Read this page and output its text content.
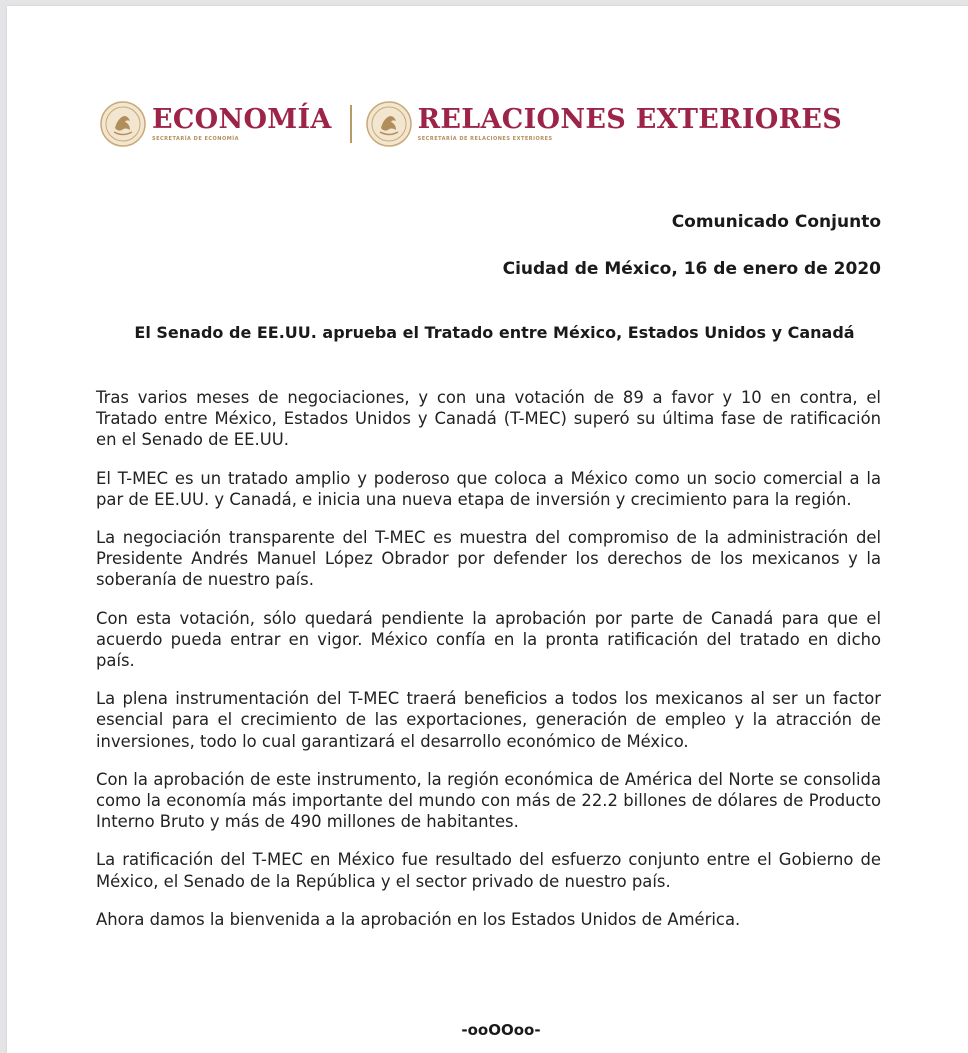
ECONOMÍA
SECRETARÍA DE ECONOMÍA
RELACIONES EXTERIORES
SECRETARÍA DE RELACIONES EXTERIORES
Comunicado Conjunto
Ciudad de México, 16 de enero de 2020
El Senado de EE.UU. aprueba el Tratado entre México, Estados Unidos y Canadá

Tras varios meses de negociaciones, y con una votación de 89 a favor y 10 en contra, el Tratado entre México, Estados Unidos y Canadá (T-MEC) superó su última fase de ratificación en el Senado de EE.UU.

El T-MEC es un tratado amplio y poderoso que coloca a México como un socio comercial a la par de EE.UU. y Canadá, e inicia una nueva etapa de inversión y crecimiento para la región.

La negociación transparente del T-MEC es muestra del compromiso de la administración del Presidente Andrés Manuel López Obrador por defender los derechos de los mexicanos y la soberanía de nuestro país.

Con esta votación, sólo quedará pendiente la aprobación por parte de Canadá para que el acuerdo pueda entrar en vigor. México confía en la pronta ratificación del tratado en dicho país.

La plena instrumentación del T-MEC traerá beneficios a todos los mexicanos al ser un factor esencial para el crecimiento de las exportaciones, generación de empleo y la atracción de inversiones, todo lo cual garantizará el desarrollo económico de México.

Con la aprobación de este instrumento, la región económica de América del Norte se consolida como la economía más importante del mundo con más de 22.2 billones de dólares de Producto Interno Bruto y más de 490 millones de habitantes.

La ratificación del T-MEC en México fue resultado del esfuerzo conjunto entre el Gobierno de México, el Senado de la República y el sector privado de nuestro país.

Ahora damos la bienvenida a la aprobación en los Estados Unidos de América.

-ooOOoo-
